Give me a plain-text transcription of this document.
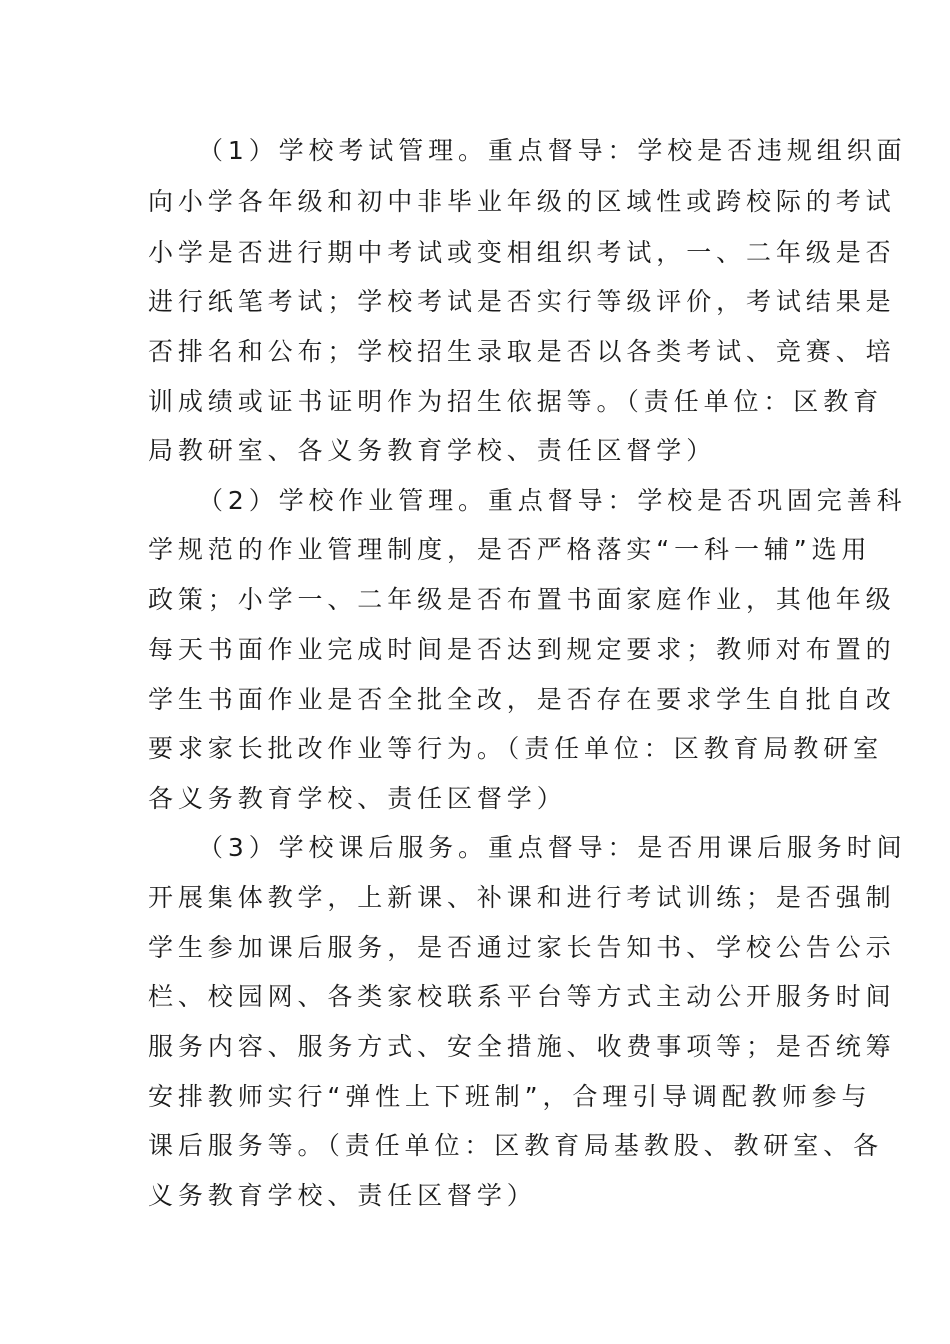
（1）学校考试管理。重点督导：学校是否违规组织面
向小学各年级和初中非毕业年级的区域性或跨校际的考试
小学是否进行期中考试或变相组织考试，一、二年级是否
进行纸笔考试；学校考试是否实行等级评价，考试结果是
否排名和公布；学校招生录取是否以各类考试、竞赛、培
训成绩或证书证明作为招生依据等。（责任单位：区教育
局教研室、各义务教育学校、责任区督学）
（2）学校作业管理。重点督导：学校是否巩固完善科
学规范的作业管理制度，是否严格落实“一科一辅”选用
政策；小学一、二年级是否布置书面家庭作业，其他年级
每天书面作业完成时间是否达到规定要求；教师对布置的
学生书面作业是否全批全改，是否存在要求学生自批自改
要求家长批改作业等行为。（责任单位：区教育局教研室
各义务教育学校、责任区督学）
（3）学校课后服务。重点督导：是否用课后服务时间
开展集体教学，上新课、补课和进行考试训练；是否强制
学生参加课后服务，是否通过家长告知书、学校公告公示
栏、校园网、各类家校联系平台等方式主动公开服务时间
服务内容、服务方式、安全措施、收费事项等；是否统筹
安排教师实行“弹性上下班制”，合理引导调配教师参与
课后服务等。（责任单位：区教育局基教股、教研室、各
义务教育学校、责任区督学）
